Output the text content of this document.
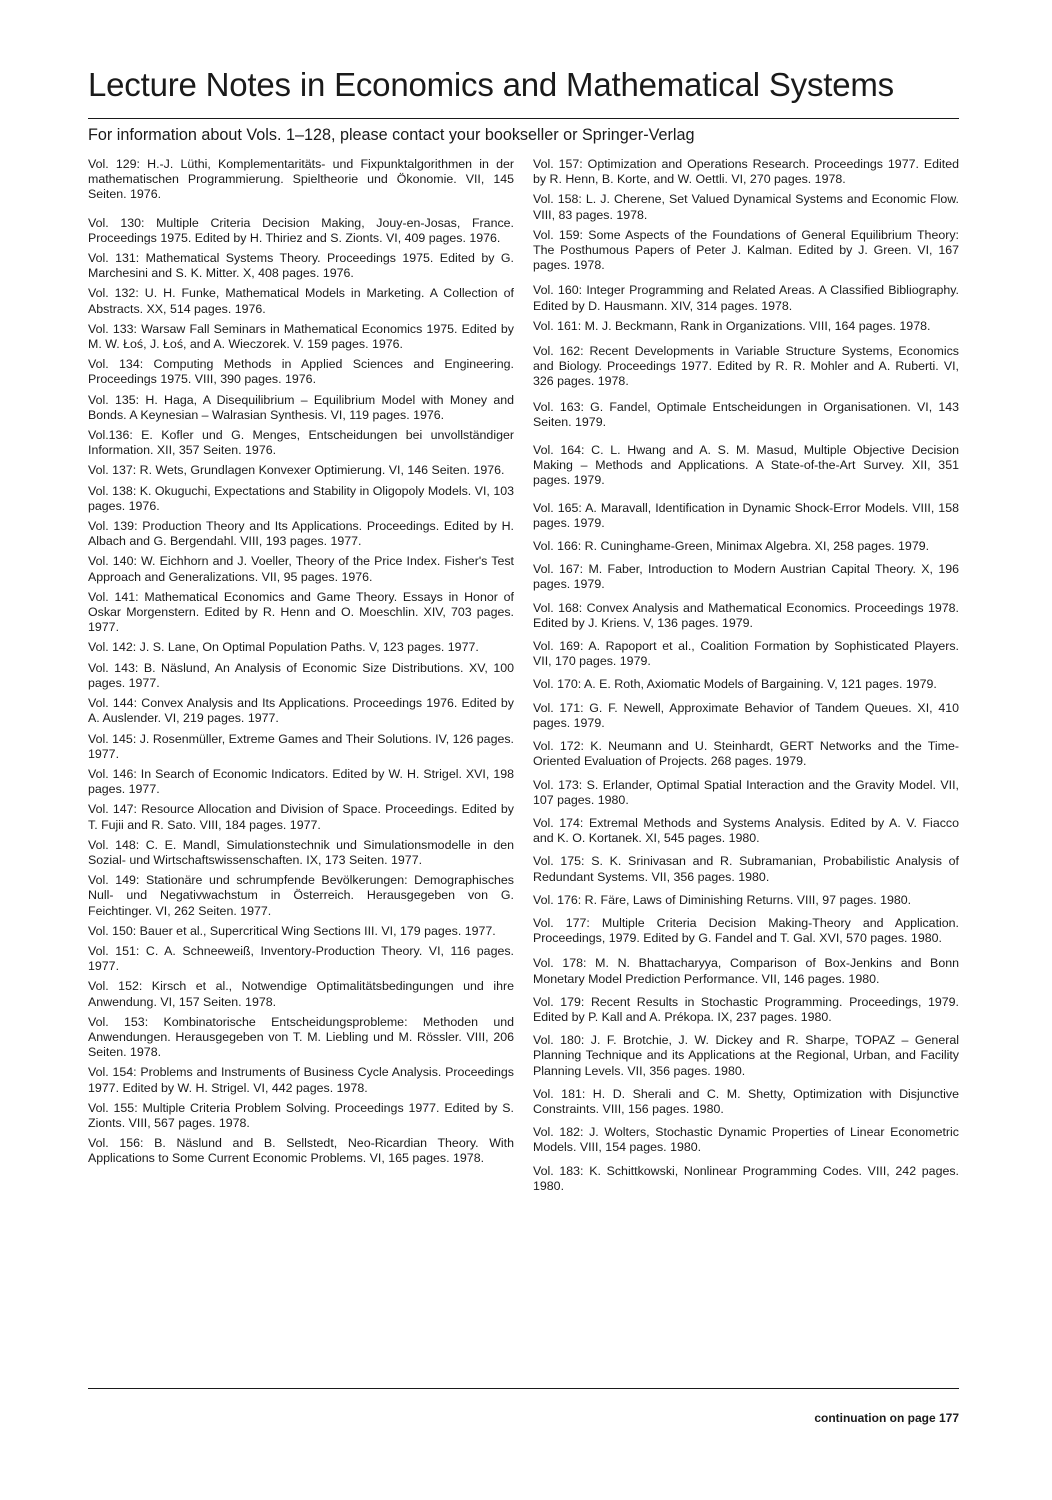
Lecture Notes in Economics and Mathematical Systems
For information about Vols. 1–128, please contact your bookseller or Springer-Verlag

Vol. 129: H.-J. Lüthi, Komplementaritäts- und Fixpunktalgorithmen in der mathematischen Programmierung. Spieltheorie und Ökonomie. VII, 145 Seiten. 1976.

Vol. 130: Multiple Criteria Decision Making, Jouy-en-Josas, France. Proceedings 1975. Edited by H. Thiriez and S. Zionts. VI, 409 pages. 1976.

Vol. 131: Mathematical Systems Theory. Proceedings 1975. Edited by G. Marchesini and S. K. Mitter. X, 408 pages. 1976.

Vol. 132: U. H. Funke, Mathematical Models in Marketing. A Collection of Abstracts. XX, 514 pages. 1976.

Vol. 133: Warsaw Fall Seminars in Mathematical Economics 1975. Edited by M. W. Łoś, J. Łoś, and A. Wieczorek. V. 159 pages. 1976.

Vol. 134: Computing Methods in Applied Sciences and Engineering. Proceedings 1975. VIII, 390 pages. 1976.

Vol. 135: H. Haga, A Disequilibrium – Equilibrium Model with Money and Bonds. A Keynesian – Walrasian Synthesis. VI, 119 pages. 1976.

Vol.136: E. Kofler und G. Menges, Entscheidungen bei unvollständiger Information. XII, 357 Seiten. 1976.

Vol. 137: R. Wets, Grundlagen Konvexer Optimierung. VI, 146 Seiten. 1976.

Vol. 138: K. Okuguchi, Expectations and Stability in Oligopoly Models. VI, 103 pages. 1976.

Vol. 139: Production Theory and Its Applications. Proceedings. Edited by H. Albach and G. Bergendahl. VIII, 193 pages. 1977.

Vol. 140: W. Eichhorn and J. Voeller, Theory of the Price Index. Fisher's Test Approach and Generalizations. VII, 95 pages. 1976.

Vol. 141: Mathematical Economics and Game Theory. Essays in Honor of Oskar Morgenstern. Edited by R. Henn and O. Moeschlin. XIV, 703 pages. 1977.

Vol. 142: J. S. Lane, On Optimal Population Paths. V, 123 pages. 1977.

Vol. 143: B. Näslund, An Analysis of Economic Size Distributions. XV, 100 pages. 1977.

Vol. 144: Convex Analysis and Its Applications. Proceedings 1976. Edited by A. Auslender. VI, 219 pages. 1977.

Vol. 145: J. Rosenmüller, Extreme Games and Their Solutions. IV, 126 pages. 1977.

Vol. 146: In Search of Economic Indicators. Edited by W. H. Strigel. XVI, 198 pages. 1977.

Vol. 147: Resource Allocation and Division of Space. Proceedings. Edited by T. Fujii and R. Sato. VIII, 184 pages. 1977.

Vol. 148: C. E. Mandl, Simulationstechnik und Simulationsmodelle in den Sozial- und Wirtschaftswissenschaften. IX, 173 Seiten. 1977.

Vol. 149: Stationäre und schrumpfende Bevölkerungen: Demographisches Null- und Negativwachstum in Österreich. Herausgegeben von G. Feichtinger. VI, 262 Seiten. 1977.

Vol. 150: Bauer et al., Supercritical Wing Sections III. VI, 179 pages. 1977.

Vol. 151: C. A. Schneeweiß, Inventory-Production Theory. VI, 116 pages. 1977.

Vol. 152: Kirsch et al., Notwendige Optimalitätsbedingungen und ihre Anwendung. VI, 157 Seiten. 1978.

Vol. 153: Kombinatorische Entscheidungsprobleme: Methoden und Anwendungen. Herausgegeben von T. M. Liebling und M. Rössler. VIII, 206 Seiten. 1978.

Vol. 154: Problems and Instruments of Business Cycle Analysis. Proceedings 1977. Edited by W. H. Strigel. VI, 442 pages. 1978.

Vol. 155: Multiple Criteria Problem Solving. Proceedings 1977. Edited by S. Zionts. VIII, 567 pages. 1978.

Vol. 156: B. Näslund and B. Sellstedt, Neo-Ricardian Theory. With Applications to Some Current Economic Problems. VI, 165 pages. 1978.

Vol. 157: Optimization and Operations Research. Proceedings 1977. Edited by R. Henn, B. Korte, and W. Oettli. VI, 270 pages. 1978.

Vol. 158: L. J. Cherene, Set Valued Dynamical Systems and Economic Flow. VIII, 83 pages. 1978.

Vol. 159: Some Aspects of the Foundations of General Equilibrium Theory: The Posthumous Papers of Peter J. Kalman. Edited by J. Green. VI, 167 pages. 1978.

Vol. 160: Integer Programming and Related Areas. A Classified Bibliography. Edited by D. Hausmann. XIV, 314 pages. 1978.

Vol. 161: M. J. Beckmann, Rank in Organizations. VIII, 164 pages. 1978.

Vol. 162: Recent Developments in Variable Structure Systems, Economics and Biology. Proceedings 1977. Edited by R. R. Mohler and A. Ruberti. VI, 326 pages. 1978.

Vol. 163: G. Fandel, Optimale Entscheidungen in Organisationen. VI, 143 Seiten. 1979.

Vol. 164: C. L. Hwang and A. S. M. Masud, Multiple Objective Decision Making – Methods and Applications. A State-of-the-Art Survey. XII, 351 pages. 1979.

Vol. 165: A. Maravall, Identification in Dynamic Shock-Error Models. VIII, 158 pages. 1979.

Vol. 166: R. Cuninghame-Green, Minimax Algebra. XI, 258 pages. 1979.

Vol. 167: M. Faber, Introduction to Modern Austrian Capital Theory. X, 196 pages. 1979.

Vol. 168: Convex Analysis and Mathematical Economics. Proceedings 1978. Edited by J. Kriens. V, 136 pages. 1979.

Vol. 169: A. Rapoport et al., Coalition Formation by Sophisticated Players. VII, 170 pages. 1979.

Vol. 170: A. E. Roth, Axiomatic Models of Bargaining. V, 121 pages. 1979.

Vol. 171: G. F. Newell, Approximate Behavior of Tandem Queues. XI, 410 pages. 1979.

Vol. 172: K. Neumann and U. Steinhardt, GERT Networks and the Time-Oriented Evaluation of Projects. 268 pages. 1979.

Vol. 173: S. Erlander, Optimal Spatial Interaction and the Gravity Model. VII, 107 pages. 1980.

Vol. 174: Extremal Methods and Systems Analysis. Edited by A. V. Fiacco and K. O. Kortanek. XI, 545 pages. 1980.

Vol. 175: S. K. Srinivasan and R. Subramanian, Probabilistic Analysis of Redundant Systems. VII, 356 pages. 1980.

Vol. 176: R. Färe, Laws of Diminishing Returns. VIII, 97 pages. 1980.

Vol. 177: Multiple Criteria Decision Making-Theory and Application. Proceedings, 1979. Edited by G. Fandel and T. Gal. XVI, 570 pages. 1980.

Vol. 178: M. N. Bhattacharyya, Comparison of Box-Jenkins and Bonn Monetary Model Prediction Performance. VII, 146 pages. 1980.

Vol. 179: Recent Results in Stochastic Programming. Proceedings, 1979. Edited by P. Kall and A. Prékopa. IX, 237 pages. 1980.

Vol. 180: J. F. Brotchie, J. W. Dickey and R. Sharpe, TOPAZ – General Planning Technique and its Applications at the Regional, Urban, and Facility Planning Levels. VII, 356 pages. 1980.

Vol. 181: H. D. Sherali and C. M. Shetty, Optimization with Disjunctive Constraints. VIII, 156 pages. 1980.

Vol. 182: J. Wolters, Stochastic Dynamic Properties of Linear Econometric Models. VIII, 154 pages. 1980.

Vol. 183: K. Schittkowski, Nonlinear Programming Codes. VIII, 242 pages. 1980.

continuation on page 177
